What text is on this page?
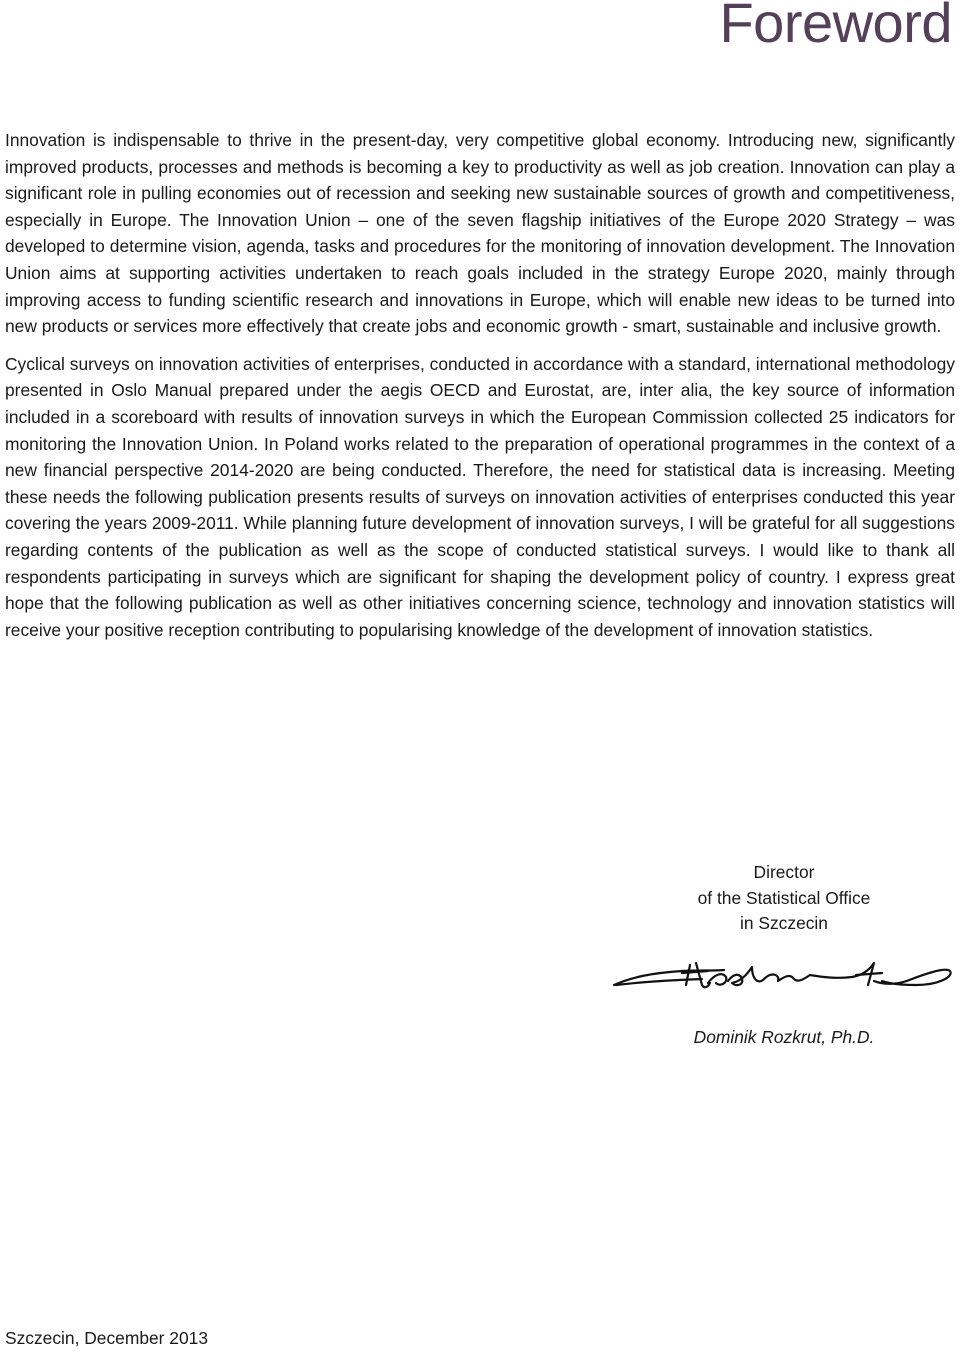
Foreword

Innovation is indispensable to thrive in the present-day, very competitive global economy. Introducing new, significantly improved products, processes and methods is becoming a key to productivity as well as job creation. Innovation can play a significant role in pulling economies out of recession and seeking new sustainable sources of growth and competitiveness, especially in Europe. The Innovation Union – one of the seven flagship initiatives of the Europe 2020 Strategy – was developed to determine vision, agenda, tasks and procedures for the monitoring of innovation development. The Innovation Union aims at supporting activities undertaken to reach goals included in the strategy Europe 2020, mainly through improving access to funding scientific research and innovations in Europe, which will enable new ideas to be turned into new products or services more effectively that create jobs and economic growth - smart, sustainable and inclusive growth.

Cyclical surveys on innovation activities of enterprises, conducted in accordance with a standard, international methodology presented in Oslo Manual prepared under the aegis OECD and Eurostat, are, inter alia, the key source of information included in a scoreboard with results of innovation surveys in which the European Commission collected 25 indicators for monitoring the Innovation Union. In Poland works related to the preparation of operational programmes in the context of a new financial perspective 2014-2020 are being conducted. Therefore, the need for statistical data is increasing. Meeting these needs the following publication presents results of surveys on innovation activities of enterprises conducted this year covering the years 2009-2011. While planning future development of innovation surveys, I will be grateful for all suggestions regarding contents of the publication as well as the scope of conducted statistical surveys. I would like to thank all respondents participating in surveys which are significant for shaping the development policy of country. I express great hope that the following publication as well as other initiatives concerning science, technology and innovation statistics will receive your positive reception contributing to popularising knowledge of the development of innovation statistics.

Director
of the Statistical Office
in Szczecin

Dominik Rozkrut, Ph.D.

Szczecin, December 2013
